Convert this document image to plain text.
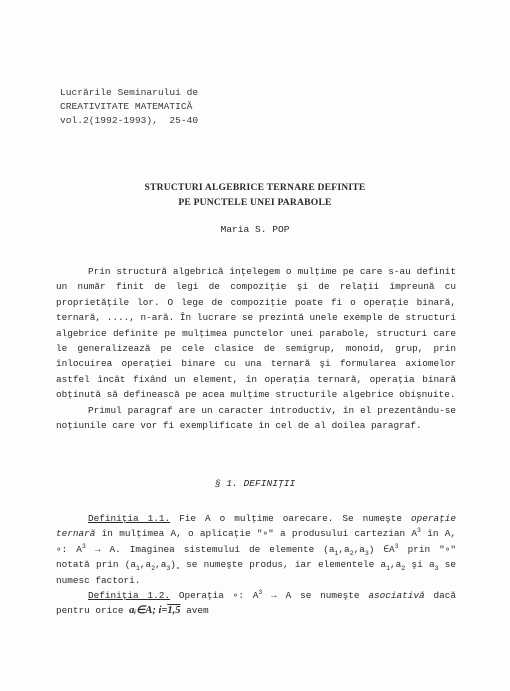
Lucrările Seminarului de
CREATIVITATE MATEMATICĂ
vol.2(1992-1993),  25-40
STRUCTURI ALGEBRICE TERNARE DEFINITE
PE PUNCTELE UNEI PARABOLE
Maria S. POP

Prin structură algebrică înţelegem o mulţime pe care s-au definit un număr finit de legi de compoziţie şi de relaţii împreună cu proprietăţile lor. O lege de compoziţie poate fi o operaţie binară, ternară, ...., n-ară. În lucrare se prezintă unele exemple de structuri algebrice definite pe mulţimea punctelor unei parabole, structuri care le generalizează pe cele clasice de semigrup, monoid, grup, prin înlocuirea operaţiei binare cu una ternară şi formularea axiomelor astfel încât fixând un element, în operaţia ternară, operaţia binară obţinută să definească pe acea mulţime structurile algebrice obişnuite.

Primul paragraf are un caracter introductiv, în el prezentându-se noţiunile care vor fi exemplificate în cel de al doilea paragraf.

§ 1. DEFINIŢII

Definiţia 1.1. Fie A o mulţime oarecare. Se numeşte operaţie ternară în mulţimea A, o aplicaţie "∘" a produsului cartezian $A^3$ în A, ∘: $A^3 \to A$. Imaginea sistemului de elemente $(a_1,a_2,a_3)$ $\in A^3$ prin "∘" notată prin $(a_1,a_2,a_3)_\circ$ se numeşte produs, iar elementele $a_1,a_2$ şi $a_3$ se numesc factori.

Definiţia 1.2. Operaţia ∘: $A^3 \to A$ se numeşte asociativă dacă pentru orice aᵢ∈A; i=1,5 avem
